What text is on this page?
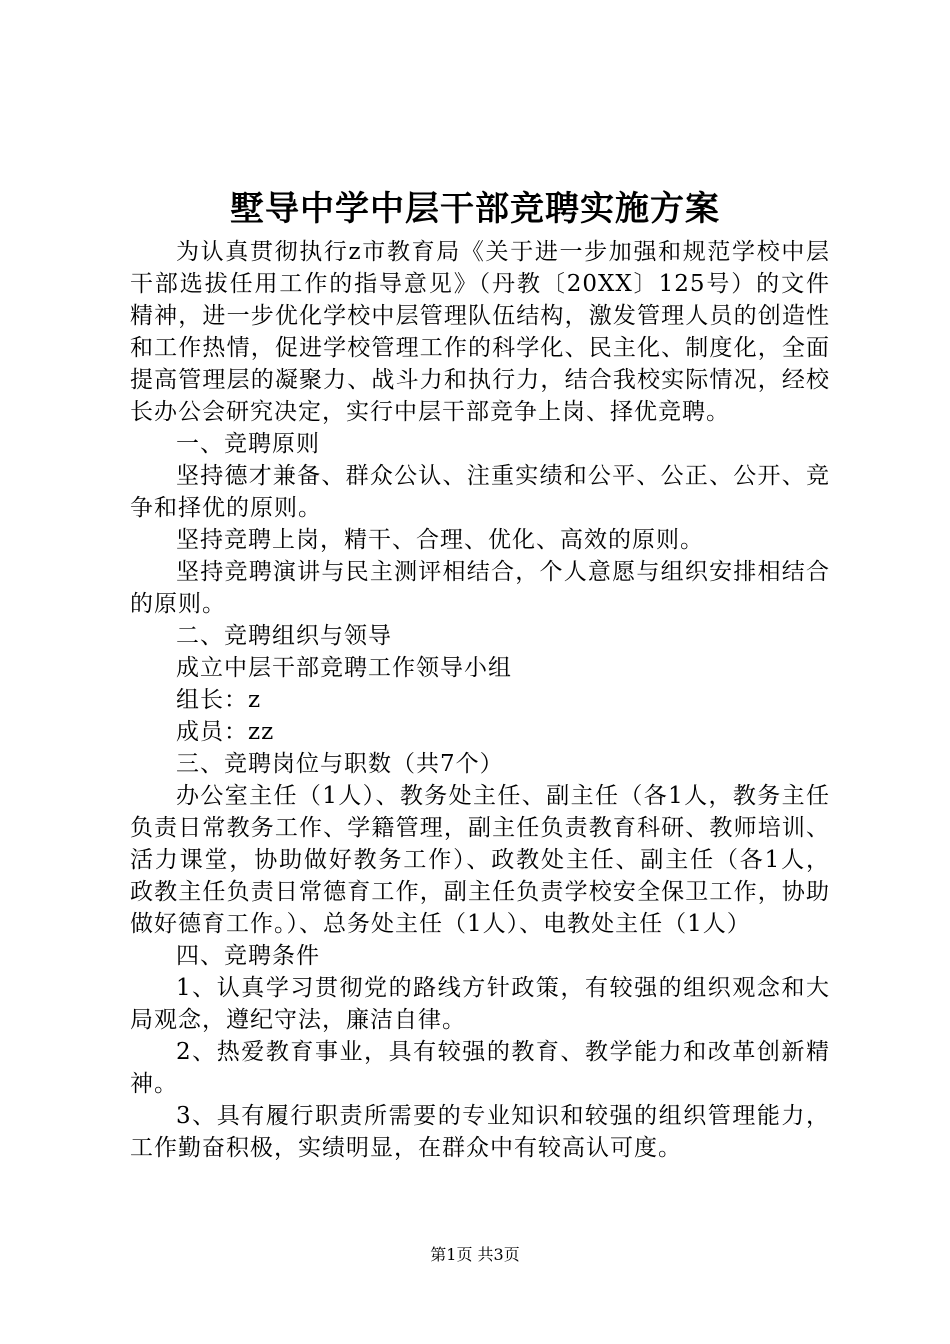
墅导中学中层干部竞聘实施方案

为认真贯彻执行z市教育局《关于进一步加强和规范学校中层干部选拔任用工作的指导意见》（丹教〔20XX〕125号）的文件精神，进一步优化学校中层管理队伍结构，激发管理人员的创造性和工作热情，促进学校管理工作的科学化、民主化、制度化，全面提高管理层的凝聚力、战斗力和执行力，结合我校实际情况，经校长办公会研究决定，实行中层干部竞争上岗、择优竞聘。

一、竞聘原则

坚持德才兼备、群众公认、注重实绩和公平、公正、公开、竞争和择优的原则。

坚持竞聘上岗，精干、合理、优化、高效的原则。

坚持竞聘演讲与民主测评相结合，个人意愿与组织安排相结合的原则。

二、竞聘组织与领导

成立中层干部竞聘工作领导小组

组长：z

成员：zz

三、竞聘岗位与职数（共7个）

办公室主任（1人）、教务处主任、副主任（各1人，教务主任负责日常教务工作、学籍管理，副主任负责教育科研、教师培训、活力课堂，协助做好教务工作）、政教处主任、副主任（各1人，政教主任负责日常德育工作，副主任负责学校安全保卫工作，协助做好德育工作。）、总务处主任（1人）、电教处主任（1人）

四、竞聘条件

1、认真学习贯彻党的路线方针政策，有较强的组织观念和大局观念，遵纪守法，廉洁自律。

2、热爱教育事业，具有较强的教育、教学能力和改革创新精神。

3、具有履行职责所需要的专业知识和较强的组织管理能力，工作勤奋积极，实绩明显，在群众中有较高认可度。

第1页 共3页
